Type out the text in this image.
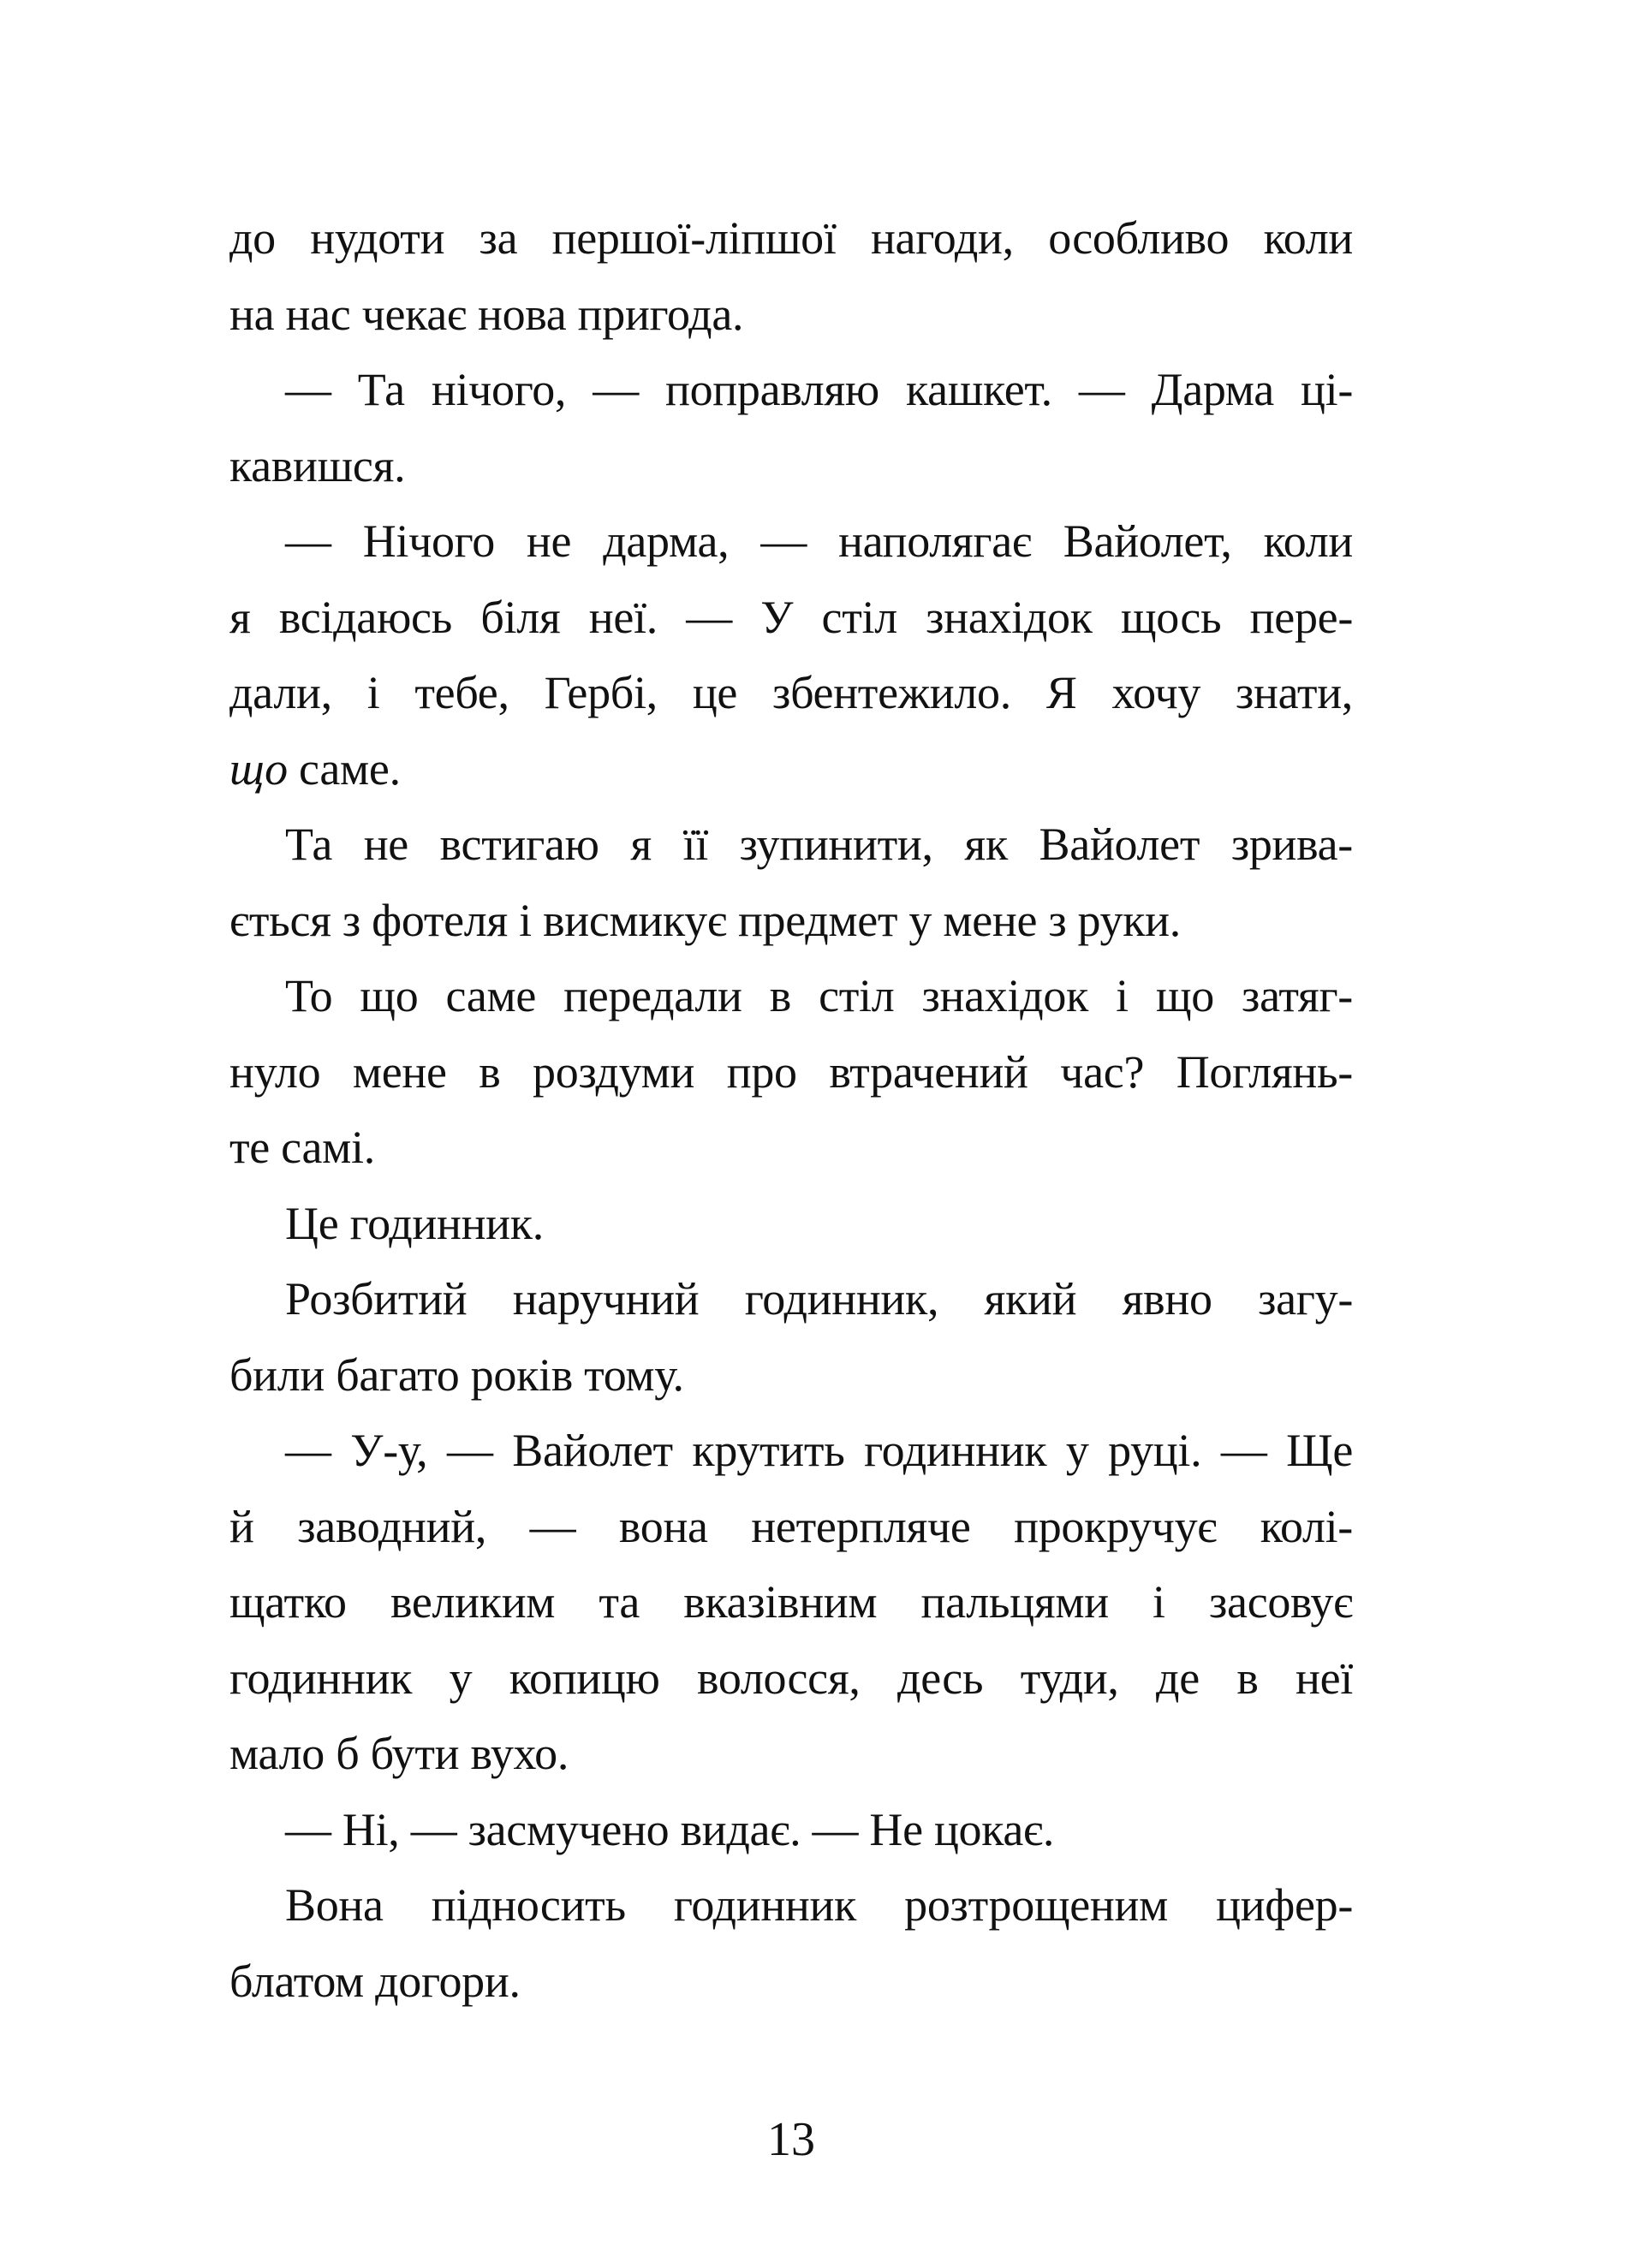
до нудоти за першої-ліпшої нагоди, особливо коли
на нас чекає нова пригода.
— Та нічого, — поправляю кашкет. — Дарма ці-
кавишся.
— Нічого не дарма, — наполягає Вайолет, коли
я всідаюсь біля неї. — У стіл знахідок щось пере-
дали, і тебе, Гербі, це збентежило. Я хочу знати,
що саме.
Та не встигаю я її зупинити, як Вайолет зрива-
ється з фотеля і висмикує предмет у мене з руки.
То що саме передали в стіл знахідок і що затяг-
нуло мене в роздуми про втрачений час? Поглянь-
те самі.
Це годинник.
Розбитий наручний годинник, який явно загу-
били багато років тому.
— У-у, — Вайолет крутить годинник у руці. — Ще
й заводний, — вона нетерпляче прокручує колі-
щатко великим та вказівним пальцями і засовує
годинник у копицю волосся, десь туди, де в неї
мало б бути вухо.
— Ні, — засмучено видає. — Не цокає.
Вона підносить годинник розтрощеним цифер-
блатом догори.
13
